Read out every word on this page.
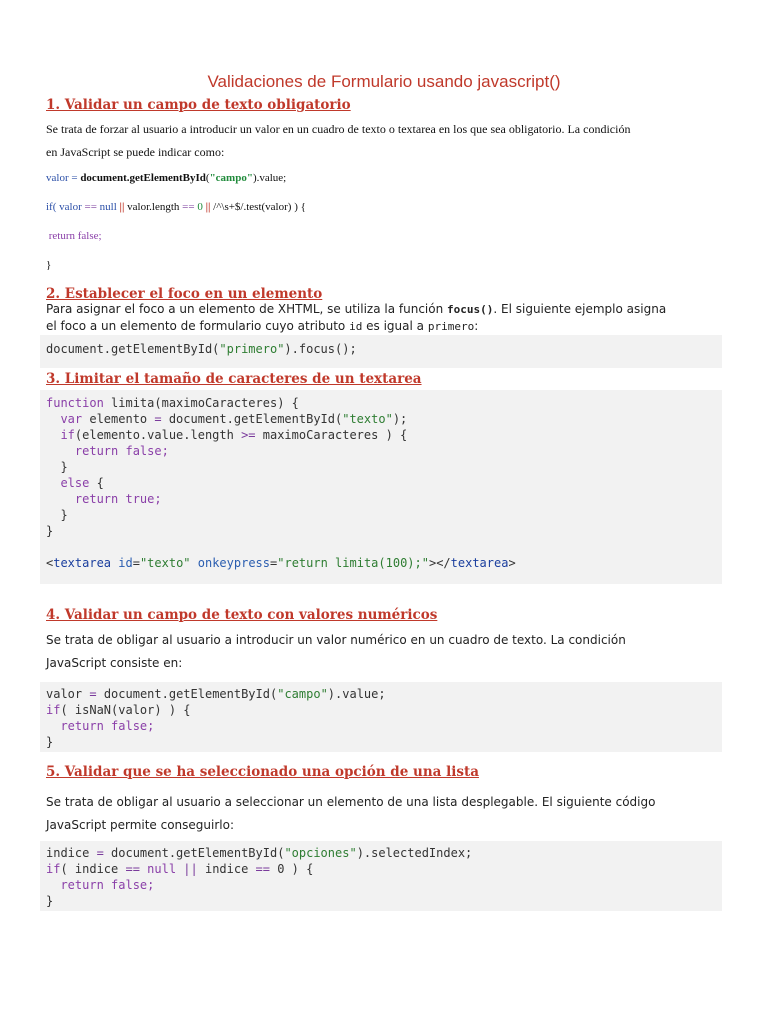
Validaciones de Formulario usando javascript()
1. Validar un campo de texto obligatorio
Se trata de forzar al usuario a introducir un valor en un cuadro de texto o textarea en los que sea obligatorio. La condición
en JavaScript se puede indicar como:
valor = document.getElementById("campo").value;
if( valor == null || valor.length == 0 || /^\s+$/.test(valor) ) {
return false;
}
2. Establecer el foco en un elemento
Para asignar el foco a un elemento de XHTML, se utiliza la función focus(). El siguiente ejemplo asigna
el foco a un elemento de formulario cuyo atributo id es igual a primero:
document.getElementById("primero").focus();
3. Limitar el tamaño de caracteres de un textarea
function limita(maximoCaracteres) {
var elemento = document.getElementById("texto");
if(elemento.value.length >= maximoCaracteres ) {
return false;
}
else {
return true;
}
}

<textarea id="texto" onkeypress="return limita(100);"></textarea>
4. Validar un campo de texto con valores numéricos
Se trata de obligar al usuario a introducir un valor numérico en un cuadro de texto. La condición
JavaScript consiste en:
valor = document.getElementById("campo").value;
if( isNaN(valor) ) {
return false;
}
5. Validar que se ha seleccionado una opción de una lista
Se trata de obligar al usuario a seleccionar un elemento de una lista desplegable. El siguiente código
JavaScript permite conseguirlo:
indice = document.getElementById("opciones").selectedIndex;
if( indice == null || indice == 0 ) {
return false;
}
